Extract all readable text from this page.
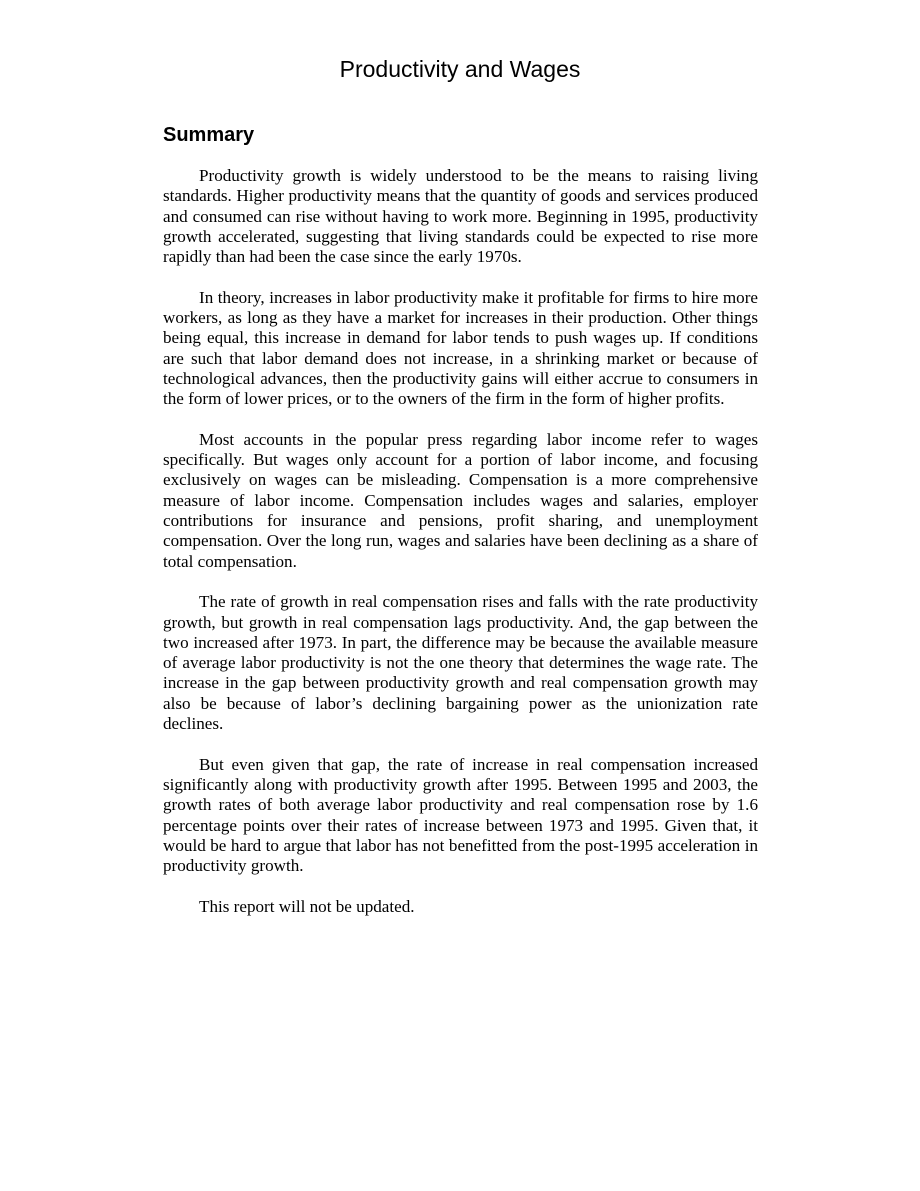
Productivity and Wages
Summary

Productivity growth is widely understood to be the means to raising living standards. Higher productivity means that the quantity of goods and services produced and consumed can rise without having to work more. Beginning in 1995, productivity growth accelerated, suggesting that living standards could be expected to rise more rapidly than had been the case since the early 1970s.

In theory, increases in labor productivity make it profitable for firms to hire more workers, as long as they have a market for increases in their production. Other things being equal, this increase in demand for labor tends to push wages up. If conditions are such that labor demand does not increase, in a shrinking market or because of technological advances, then the productivity gains will either accrue to consumers in the form of lower prices, or to the owners of the firm in the form of higher profits.

Most accounts in the popular press regarding labor income refer to wages specifically. But wages only account for a portion of labor income, and focusing exclusively on wages can be misleading. Compensation is a more comprehensive measure of labor income. Compensation includes wages and salaries, employer contributions for insurance and pensions, profit sharing, and unemployment compensation. Over the long run, wages and salaries have been declining as a share of total compensation.

The rate of growth in real compensation rises and falls with the rate productivity growth, but growth in real compensation lags productivity. And, the gap between the two increased after 1973. In part, the difference may be because the available measure of average labor productivity is not the one theory that determines the wage rate. The increase in the gap between productivity growth and real compensation growth may also be because of labor’s declining bargaining power as the unionization rate declines.

But even given that gap, the rate of increase in real compensation increased significantly along with productivity growth after 1995. Between 1995 and 2003, the growth rates of both average labor productivity and real compensation rose by 1.6 percentage points over their rates of increase between 1973 and 1995. Given that, it would be hard to argue that labor has not benefitted from the post-1995 acceleration in productivity growth.

This report will not be updated.
